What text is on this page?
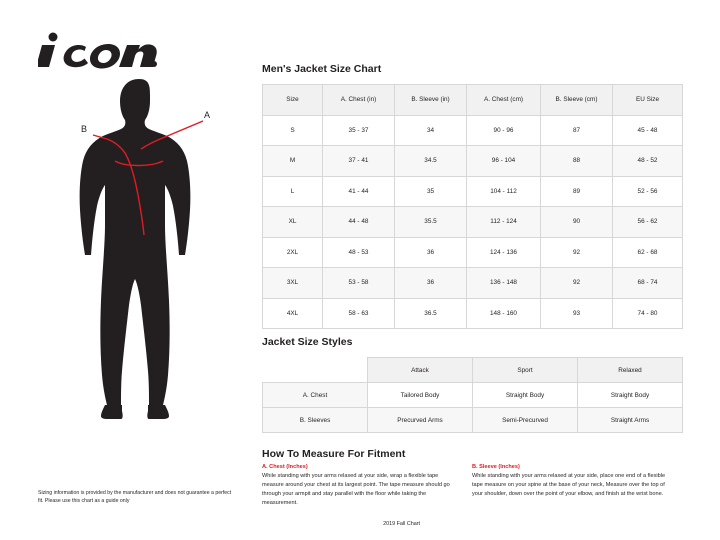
A
B
Sizing information is provided by the manufacturer and does not guarantee a perfect fit. Please use this chart as a guide only
Men's Jacket Size Chart
Size	A. Chest (in)	B. Sleeve (in)	A. Chest (cm)	B. Sleeve (cm)	EU Size
S	35 - 37	34	90 - 96	87	45 - 48
M	37 - 41	34.5	96 - 104	88	48 - 52
L	41 - 44	35	104 - 112	89	52 - 56
XL	44 - 48	35.5	112 - 124	90	56 - 62
2XL	48 - 53	36	124 - 136	92	62 - 68
3XL	53 - 58	36	136 - 148	92	68 - 74
4XL	58 - 63	36.5	148 - 160	93	74 - 80
Jacket Size Styles
	Attack	Sport	Relaxed
A. Chest	Tailored Body	Straight Body	Straight Body
B. Sleeves	Precurved Arms	Semi-Precurved	Straight Arms
How To Measure For Fitment
A. Chest (Inches)
While standing with your arms relaxed at your side, wrap a flexible tape measure around your chest at its largest point. The tape measure should go through your armpit and stay parallel with the floor while taking the measurement.
B. Sleeve (Inches)
While standing with your arms relaxed at your side, place one end of a flexible tape measure on your spine at the base of your neck, Measure over the top of your shoulder, down over the point of your elbow, and finish at the wrist bone.
2019 Fall Chart
